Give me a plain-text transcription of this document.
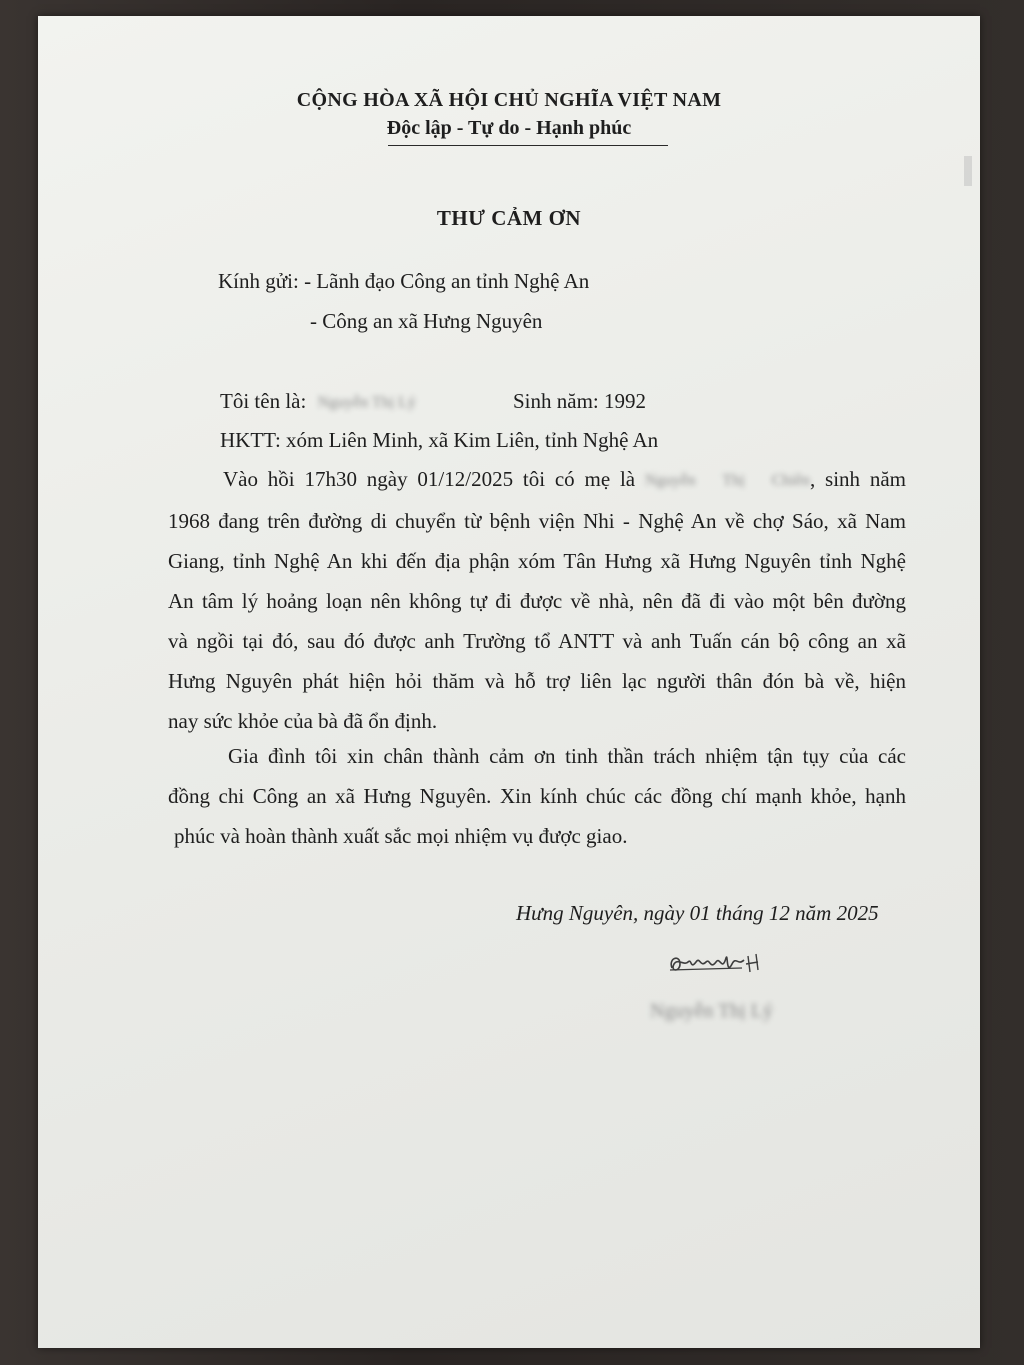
CỘNG HÒA XÃ HỘI CHỦ NGHĨA VIỆT NAM
Độc lập - Tự do - Hạnh phúc
THƯ CẢM ƠN
Kính gửi: - Lãnh đạo Công an tỉnh Nghệ An
- Công an xã Hưng Nguyên
Tôi tên là: Nguyễn Thị Lý	Sinh năm: 1992
HKTT: xóm Liên Minh, xã Kim Liên, tỉnh Nghệ An
Vào hồi 17h30 ngày 01/12/2025 tôi có mẹ là Nguyễn Thị Chiên, sinh năm
1968 đang trên đường di chuyển từ bệnh viện Nhi - Nghệ An về chợ Sáo, xã Nam
Giang, tỉnh Nghệ An khi đến địa phận xóm Tân Hưng xã Hưng Nguyên tỉnh Nghệ
An tâm lý hoảng loạn nên không tự đi được về nhà, nên đã đi vào một bên đường
và ngồi tại đó, sau đó được anh Trường tổ ANTT và anh Tuấn cán bộ công an xã
Hưng Nguyên phát hiện hỏi thăm và hỗ trợ liên lạc người thân đón bà về, hiện
nay sức khỏe của bà đã ổn định.
Gia đình tôi xin chân thành cảm ơn tinh thần trách nhiệm tận tụy của các
đồng chi Công an xã Hưng Nguyên. Xin kính chúc các đồng chí mạnh khỏe, hạnh
phúc và hoàn thành xuất sắc mọi nhiệm vụ được giao.
Hưng Nguyên, ngày 01 tháng 12 năm 2025
Nguyễn Thị Lý
